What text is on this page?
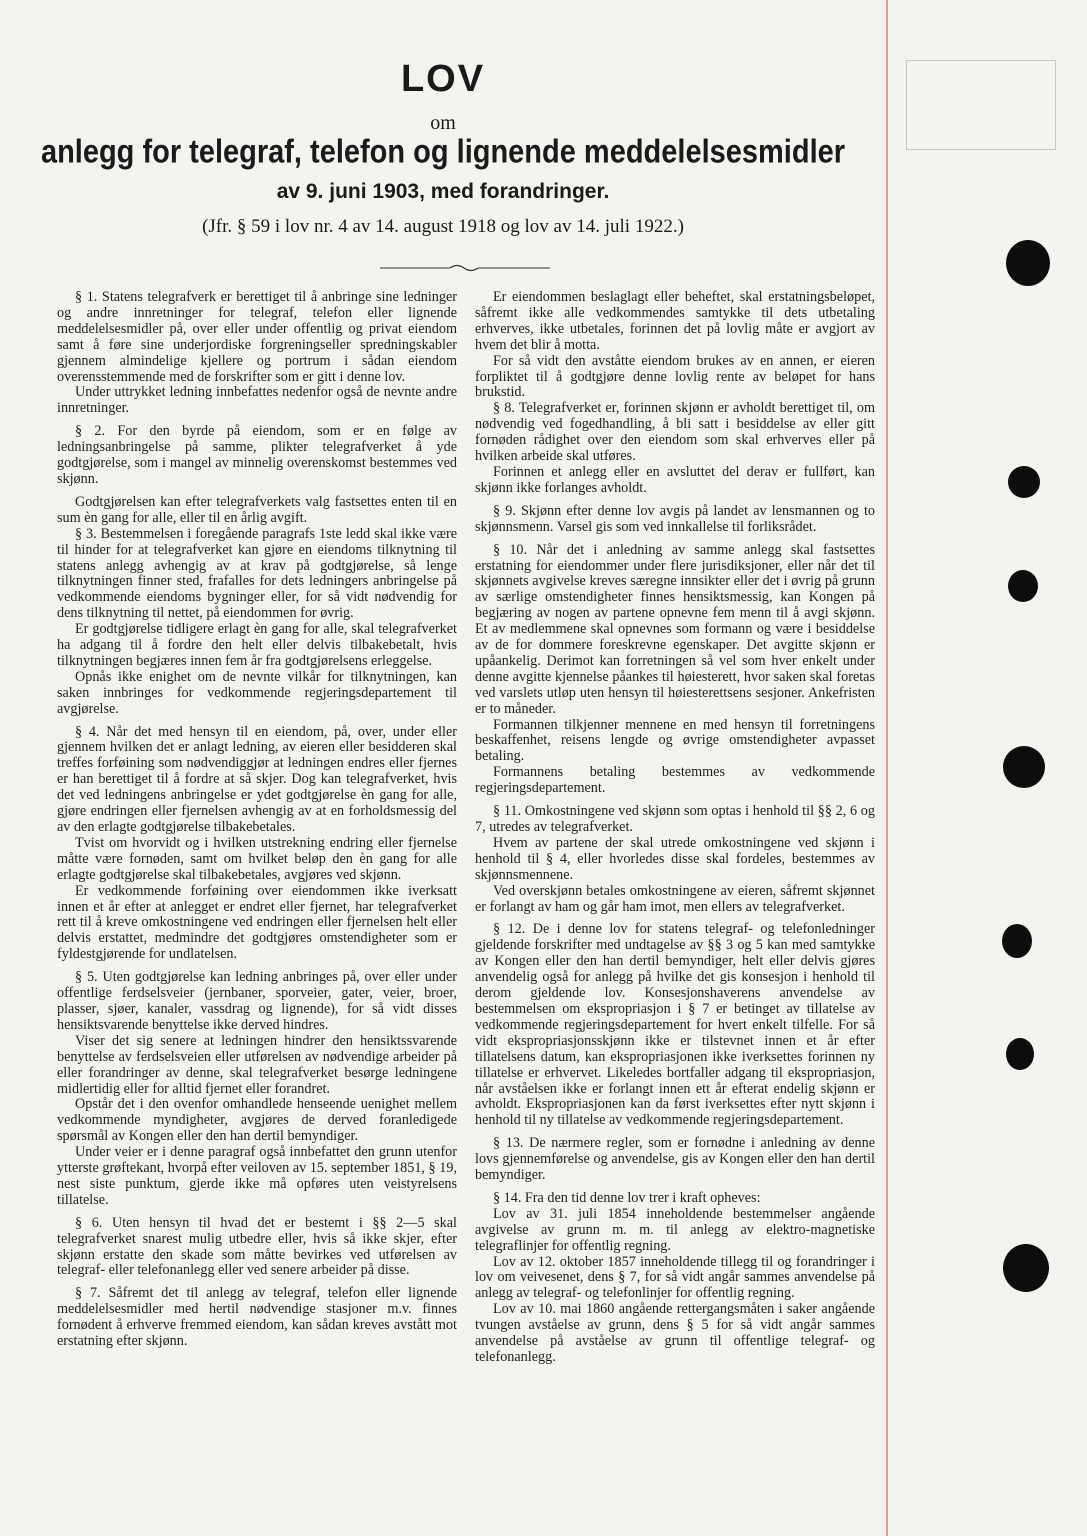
LOV
om
anlegg for telegraf, telefon og lignende meddelelsesmidler
av 9. juni 1903, med forandringer.
(Jfr. § 59 i lov nr. 4 av 14. august 1918 og lov av 14. juli 1922.)

§ 1. Statens telegrafverk er berettiget til å anbringe sine ledninger og andre innretninger for telegraf, telefon eller lignende meddelelsesmidler på, over eller under offentlig og privat eiendom samt å føre sine underjordiske forgreningseller spredningskabler gjennem almindelige kjellere og portrum i sådan eiendom overensstemmende med de forskrifter som er gitt i denne lov.

Under uttrykket ledning innbefattes nedenfor også de nevnte andre innretninger.

§ 2. For den byrde på eiendom, som er en følge av ledningsanbringelse på samme, plikter telegrafverket å yde godtgjørelse, som i mangel av minnelig overenskomst bestemmes ved skjønn.

Godtgjørelsen kan efter telegrafverkets valg fastsettes enten til en sum èn gang for alle, eller til en årlig avgift.

§ 3. Bestemmelsen i foregående paragrafs 1ste ledd skal ikke være til hinder for at telegrafverket kan gjøre en eiendoms tilknytning til statens anlegg avhengig av at krav på godtgjørelse, så lenge tilknytningen finner sted, frafalles for dets ledningers anbringelse på vedkommende eiendoms bygninger eller, for så vidt nødvendig for dens tilknytning til nettet, på eiendommen for øvrig.

Er godtgjørelse tidligere erlagt èn gang for alle, skal telegrafverket ha adgang til å fordre den helt eller delvis tilbakebetalt, hvis tilknytningen begjæres innen fem år fra godtgjørelsens erleggelse.

Opnås ikke enighet om de nevnte vilkår for tilknytningen, kan saken innbringes for vedkommende regjeringsdepartement til avgjørelse.

§ 4. Når det med hensyn til en eiendom, på, over, under eller gjennem hvilken det er anlagt ledning, av eieren eller besidderen skal treffes forføining som nødvendiggjør at ledningen endres eller fjernes er han berettiget til å fordre at så skjer. Dog kan telegrafverket, hvis det ved ledningens anbringelse er ydet godtgjørelse èn gang for alle, gjøre endringen eller fjernelsen avhengig av at en forholdsmessig del av den erlagte godtgjørelse tilbakebetales.

Tvist om hvorvidt og i hvilken utstrekning endring eller fjernelse måtte være fornøden, samt om hvilket beløp den èn gang for alle erlagte godtgjørelse skal tilbakebetales, avgjøres ved skjønn.

Er vedkommende forføining over eiendommen ikke iverksatt innen et år efter at anlegget er endret eller fjernet, har telegrafverket rett til å kreve omkostningene ved endringen eller fjernelsen helt eller delvis erstattet, medmindre det godtgjøres omstendigheter som er fyldestgjørende for undlatelsen.

§ 5. Uten godtgjørelse kan ledning anbringes på, over eller under offentlige ferdselsveier (jernbaner, sporveier, gater, veier, broer, plasser, sjøer, kanaler, vassdrag og lignende), for så vidt disses hensiktsvarende benyttelse ikke derved hindres.

Viser det sig senere at ledningen hindrer den hensiktssvarende benyttelse av ferdselsveien eller utførelsen av nødvendige arbeider på eller forandringer av denne, skal telegrafverket besørge ledningene midlertidig eller for alltid fjernet eller forandret.

Opstår det i den ovenfor omhandlede henseende uenighet mellem vedkommende myndigheter, avgjøres de derved foranledigede spørsmål av Kongen eller den han dertil bemyndiger.

Under veier er i denne paragraf også innbefattet den grunn utenfor ytterste grøftekant, hvorpå efter veiloven av 15. september 1851, § 19, nest siste punktum, gjerde ikke må opføres uten veistyrelsens tillatelse.

§ 6. Uten hensyn til hvad det er bestemt i §§ 2—5 skal telegrafverket snarest mulig utbedre eller, hvis så ikke skjer, efter skjønn erstatte den skade som måtte bevirkes ved utførelsen av telegraf- eller telefonanlegg eller ved senere arbeider på disse.

§ 7. Såfremt det til anlegg av telegraf, telefon eller lignende meddelelsesmidler med hertil nødvendige stasjoner m.v. finnes fornødent å erhverve fremmed eiendom, kan sådan kreves avstått mot erstatning efter skjønn.

Er eiendommen beslaglagt eller beheftet, skal erstatningsbeløpet, såfremt ikke alle vedkommendes samtykke til dets utbetaling erhverves, ikke utbetales, forinnen det på lovlig måte er avgjort av hvem det blir å motta.

For så vidt den avståtte eiendom brukes av en annen, er eieren forpliktet til å godtgjøre denne lovlig rente av beløpet for hans brukstid.

§ 8. Telegrafverket er, forinnen skjønn er avholdt berettiget til, om nødvendig ved fogedhandling, å bli satt i besiddelse av eller gitt fornøden rådighet over den eiendom som skal erhverves eller på hvilken arbeide skal utføres.

Forinnen et anlegg eller en avsluttet del derav er fullført, kan skjønn ikke forlanges avholdt.

§ 9. Skjønn efter denne lov avgis på landet av lensmannen og to skjønnsmenn. Varsel gis som ved innkallelse til forliksrådet.

§ 10. Når det i anledning av samme anlegg skal fastsettes erstatning for eiendommer under flere jurisdiksjoner, eller når det til skjønnets avgivelse kreves særegne innsikter eller det i øvrig på grunn av særlige omstendigheter finnes hensiktsmessig, kan Kongen på begjæring av nogen av partene opnevne fem menn til å avgi skjønn. Et av medlemmene skal opnevnes som formann og være i besiddelse av de for dommere foreskrevne egenskaper. Det avgitte skjønn er upåankelig. Derimot kan forretningen så vel som hver enkelt under denne avgitte kjennelse påankes til høiesterett, hvor saken skal foretas ved varslets utløp uten hensyn til høiesterettsens sesjoner. Ankefristen er to måneder.

Formannen tilkjenner mennene en med hensyn til forretningens beskaffenhet, reisens lengde og øvrige omstendigheter avpasset betaling.

Formannens betaling bestemmes av vedkommende regjeringsdepartement.

§ 11. Omkostningene ved skjønn som optas i henhold til §§ 2, 6 og 7, utredes av telegrafverket.

Hvem av partene der skal utrede omkostningene ved skjønn i henhold til § 4, eller hvorledes disse skal fordeles, bestemmes av skjønnsmennene.

Ved overskjønn betales omkostningene av eieren, såfremt skjønnet er forlangt av ham og går ham imot, men ellers av telegrafverket.

§ 12. De i denne lov for statens telegraf- og telefonledninger gjeldende forskrifter med undtagelse av §§ 3 og 5 kan med samtykke av Kongen eller den han dertil bemyndiger, helt eller delvis gjøres anvendelig også for anlegg på hvilke det gis konsesjon i henhold til derom gjeldende lov. Konsesjonshaverens anvendelse av bestemmelsen om ekspropriasjon i § 7 er betinget av tillatelse av vedkommende regjeringsdepartement for hvert enkelt tilfelle. For så vidt ekspropriasjonsskjønn ikke er tilstevnet innen et år efter tillatelsens datum, kan ekspropriasjonen ikke iverksettes forinnen ny tillatelse er erhvervet. Likeledes bortfaller adgang til ekspropriasjon, når avståelsen ikke er forlangt innen ett år efterat endelig skjønn er avholdt. Ekspropriasjonen kan da først iverksettes efter nytt skjønn i henhold til ny tillatelse av vedkommende regjeringsdepartement.

§ 13. De nærmere regler, som er fornødne i anledning av denne lovs gjennemførelse og anvendelse, gis av Kongen eller den han dertil bemyndiger.

§ 14. Fra den tid denne lov trer i kraft opheves:

Lov av 31. juli 1854 inneholdende bestemmelser angående avgivelse av grunn m. m. til anlegg av elektro-magnetiske telegraflinjer for offentlig regning.

Lov av 12. oktober 1857 inneholdende tillegg til og forandringer i lov om veivesenet, dens § 7, for så vidt angår sammes anvendelse på anlegg av telegraf- og telefonlinjer for offentlig regning.

Lov av 10. mai 1860 angående rettergangsmåten i saker angående tvungen avståelse av grunn, dens § 5 for så vidt angår sammes anvendelse på avståelse av grunn til offentlige telegraf- og telefonanlegg.
